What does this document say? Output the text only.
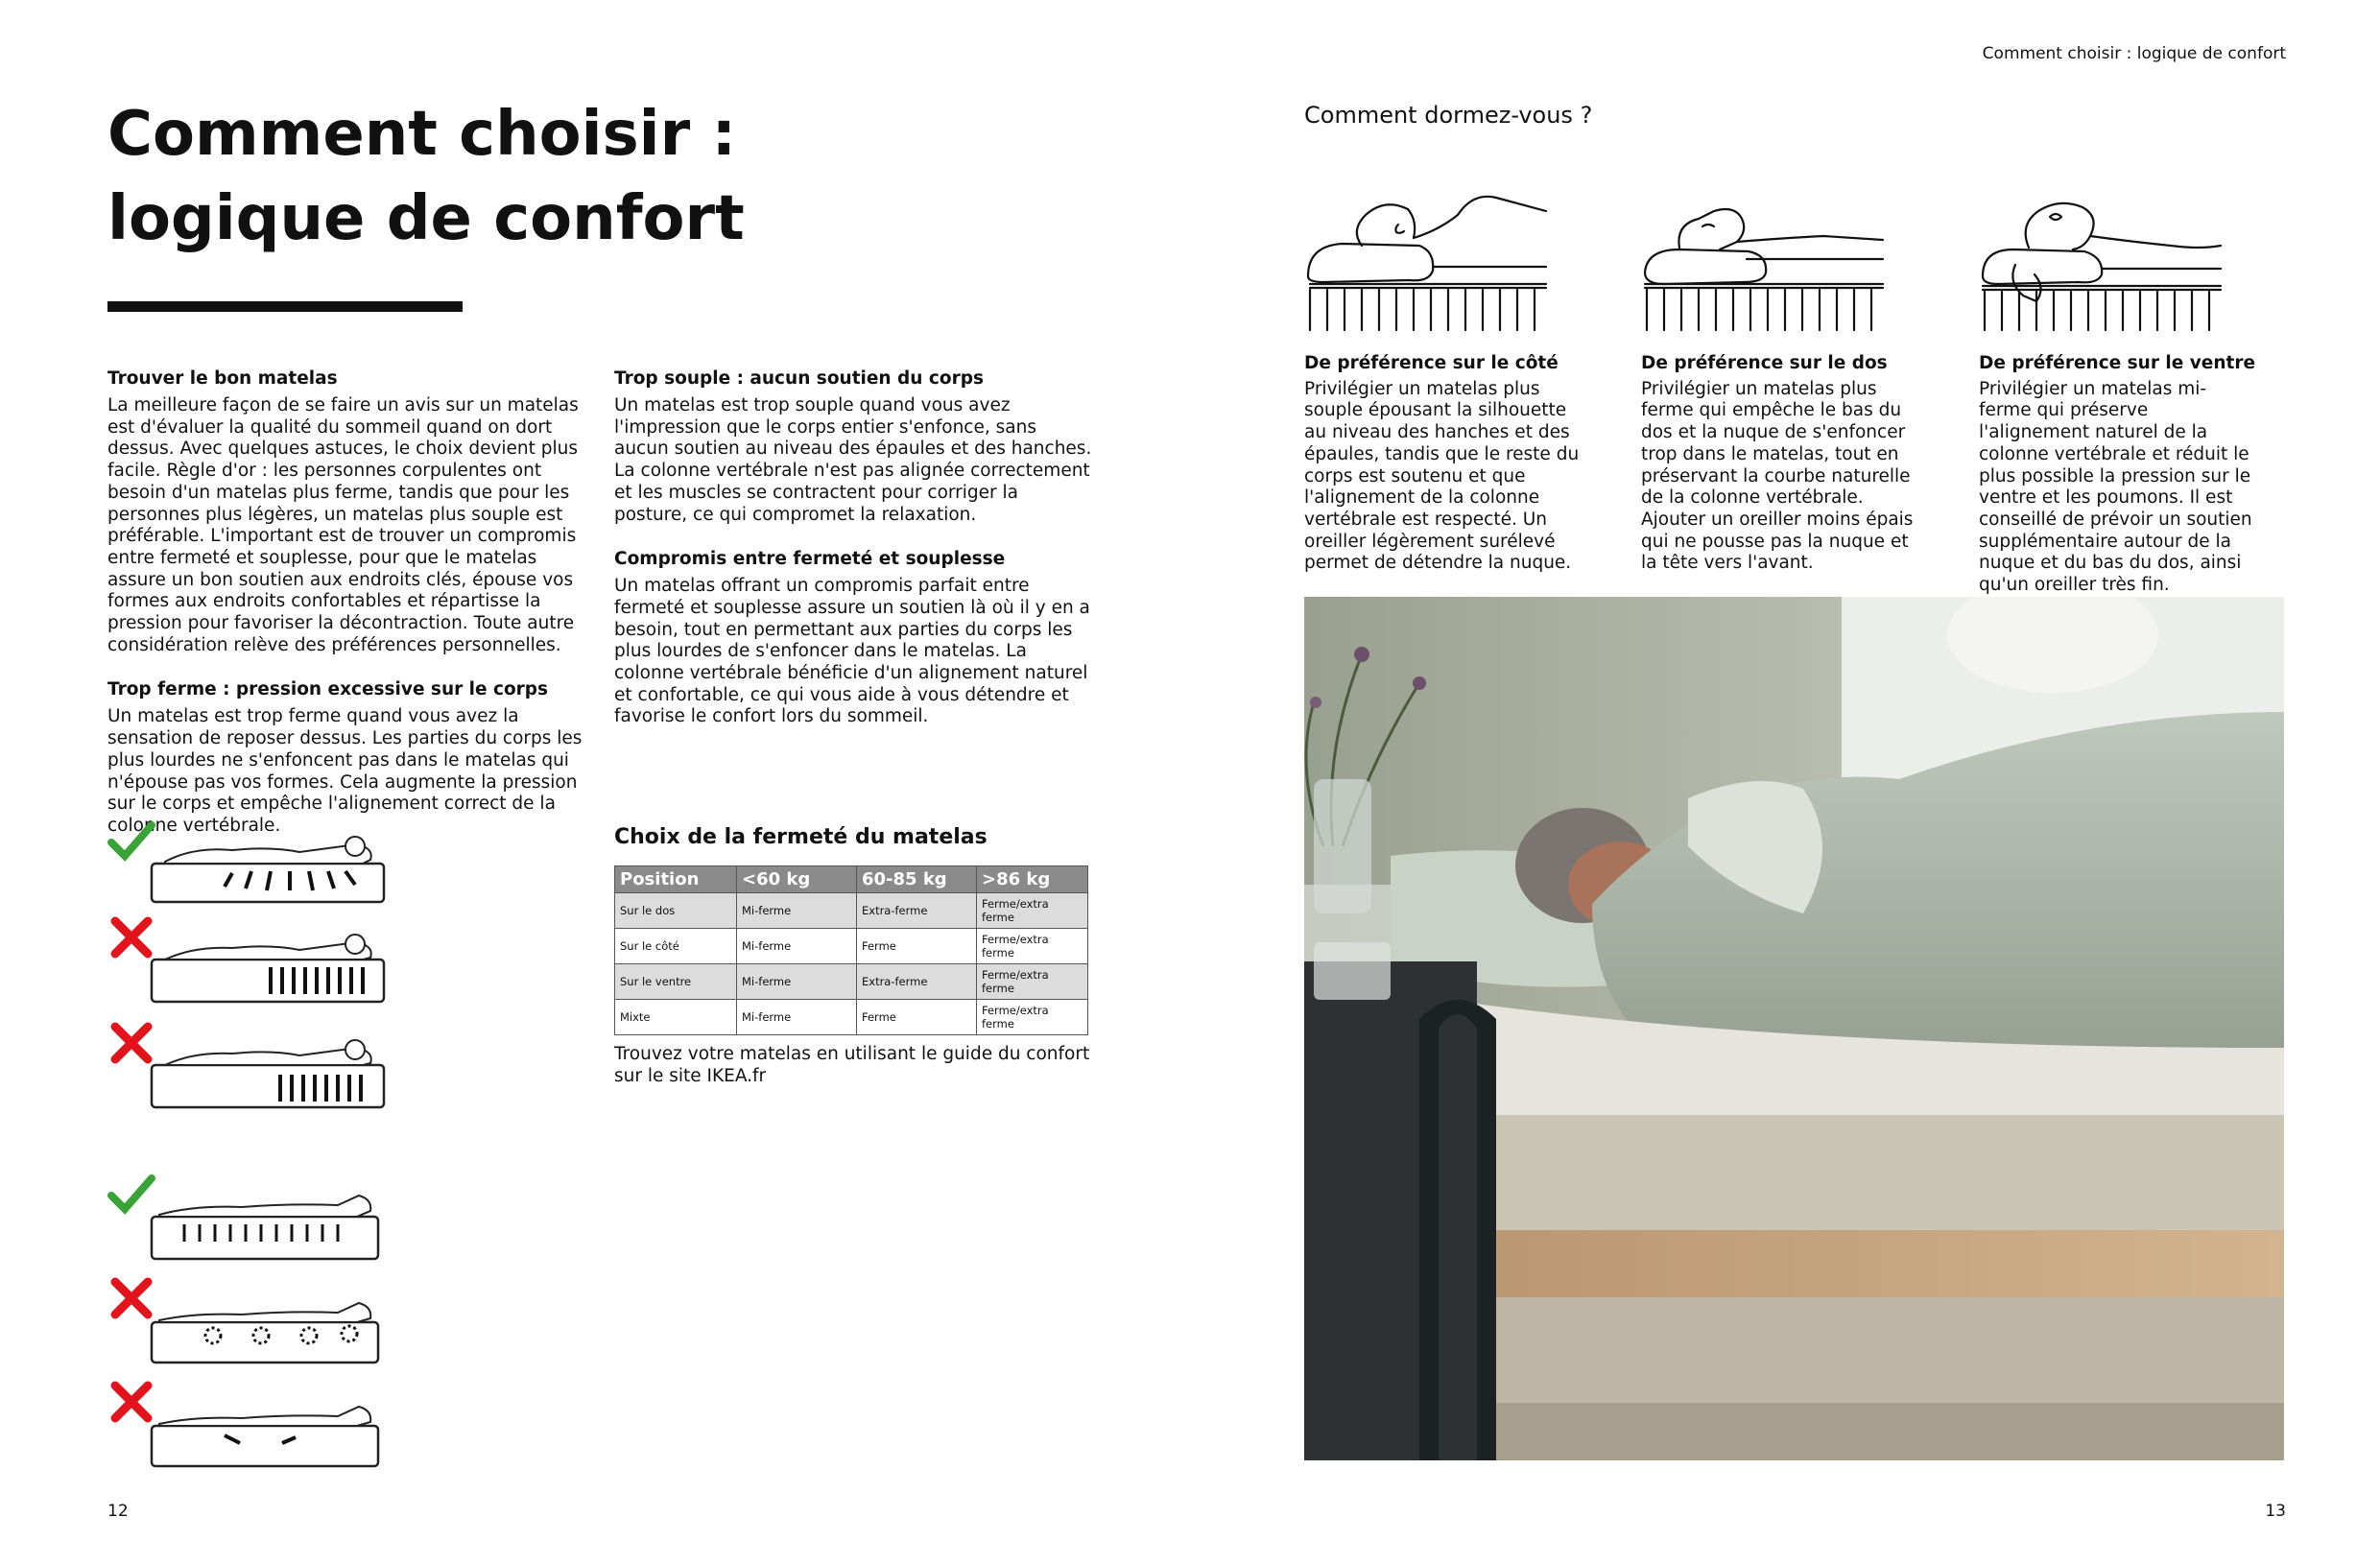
Comment choisir : logique de confort
Comment choisir :
logique de confort
Trouver le bon matelas

La meilleure façon de se faire un avis sur un matelas est d'évaluer la qualité du sommeil quand on dort dessus. Avec quelques astuces, le choix devient plus facile. Règle d'or : les personnes corpulentes ont besoin d'un matelas plus ferme, tandis que pour les personnes plus légères, un matelas plus souple est préférable. L'important est de trouver un compromis entre fermeté et souplesse, pour que le matelas assure un bon soutien aux endroits clés, épouse vos formes aux endroits confortables et répartisse la pression pour favoriser la décontraction. Toute autre considération relève des préférences personnelles.

Trop ferme : pression excessive sur le corps

Un matelas est trop ferme quand vous avez la sensation de reposer dessus. Les parties du corps les plus lourdes ne s'enfoncent pas dans le matelas qui n'épouse pas vos formes. Cela augmente la pression sur le corps et empêche l'alignement correct de la colonne vertébrale.

Trop souple : aucun soutien du corps

Un matelas est trop souple quand vous avez l'impression que le corps entier s'enfonce, sans aucun soutien au niveau des épaules et des hanches. La colonne vertébrale n'est pas alignée correctement et les muscles se contractent pour corriger la posture, ce qui compromet la relaxation.

Compromis entre fermeté et souplesse

Un matelas offrant un compromis parfait entre fermeté et souplesse assure un soutien là où il y en a besoin, tout en permettant aux parties du corps les plus lourdes de s'enfoncer dans le matelas. La colonne vertébrale bénéficie d'un alignement naturel et confortable, ce qui vous aide à vous détendre et favorise le confort lors du sommeil.

Choix de la fermeté du matelas
Position	<60 kg	60-85 kg	>86 kg
Sur le dos	Mi-ferme	Extra-ferme	Ferme/extra ferme
Sur le côté	Mi-ferme	Ferme	Ferme/extra ferme
Sur le ventre	Mi-ferme	Extra-ferme	Ferme/extra ferme
Mixte	Mi-ferme	Ferme	Ferme/extra ferme
Trouvez votre matelas en utilisant le guide du confort sur le site IKEA.fr
Comment dormez-vous ?
De préférence sur le côté

Privilégier un matelas plus souple épousant la silhouette au niveau des hanches et des épaules, tandis que le reste du corps est soutenu et que l'alignement de la colonne vertébrale est respecté. Un oreiller légèrement surélevé permet de détendre la nuque.

De préférence sur le dos

Privilégier un matelas plus ferme qui empêche le bas du dos et la nuque de s'enfoncer trop dans le matelas, tout en préservant la courbe naturelle de la colonne vertébrale. Ajouter un oreiller moins épais qui ne pousse pas la nuque et la tête vers l'avant.

De préférence sur le ventre

Privilégier un matelas mi-ferme qui préserve l'alignement naturel de la colonne vertébrale et réduit le plus possible la pression sur le ventre et les poumons. Il est conseillé de prévoir un soutien supplémentaire autour de la nuque et du bas du dos, ainsi qu'un oreiller très fin.

12	13
